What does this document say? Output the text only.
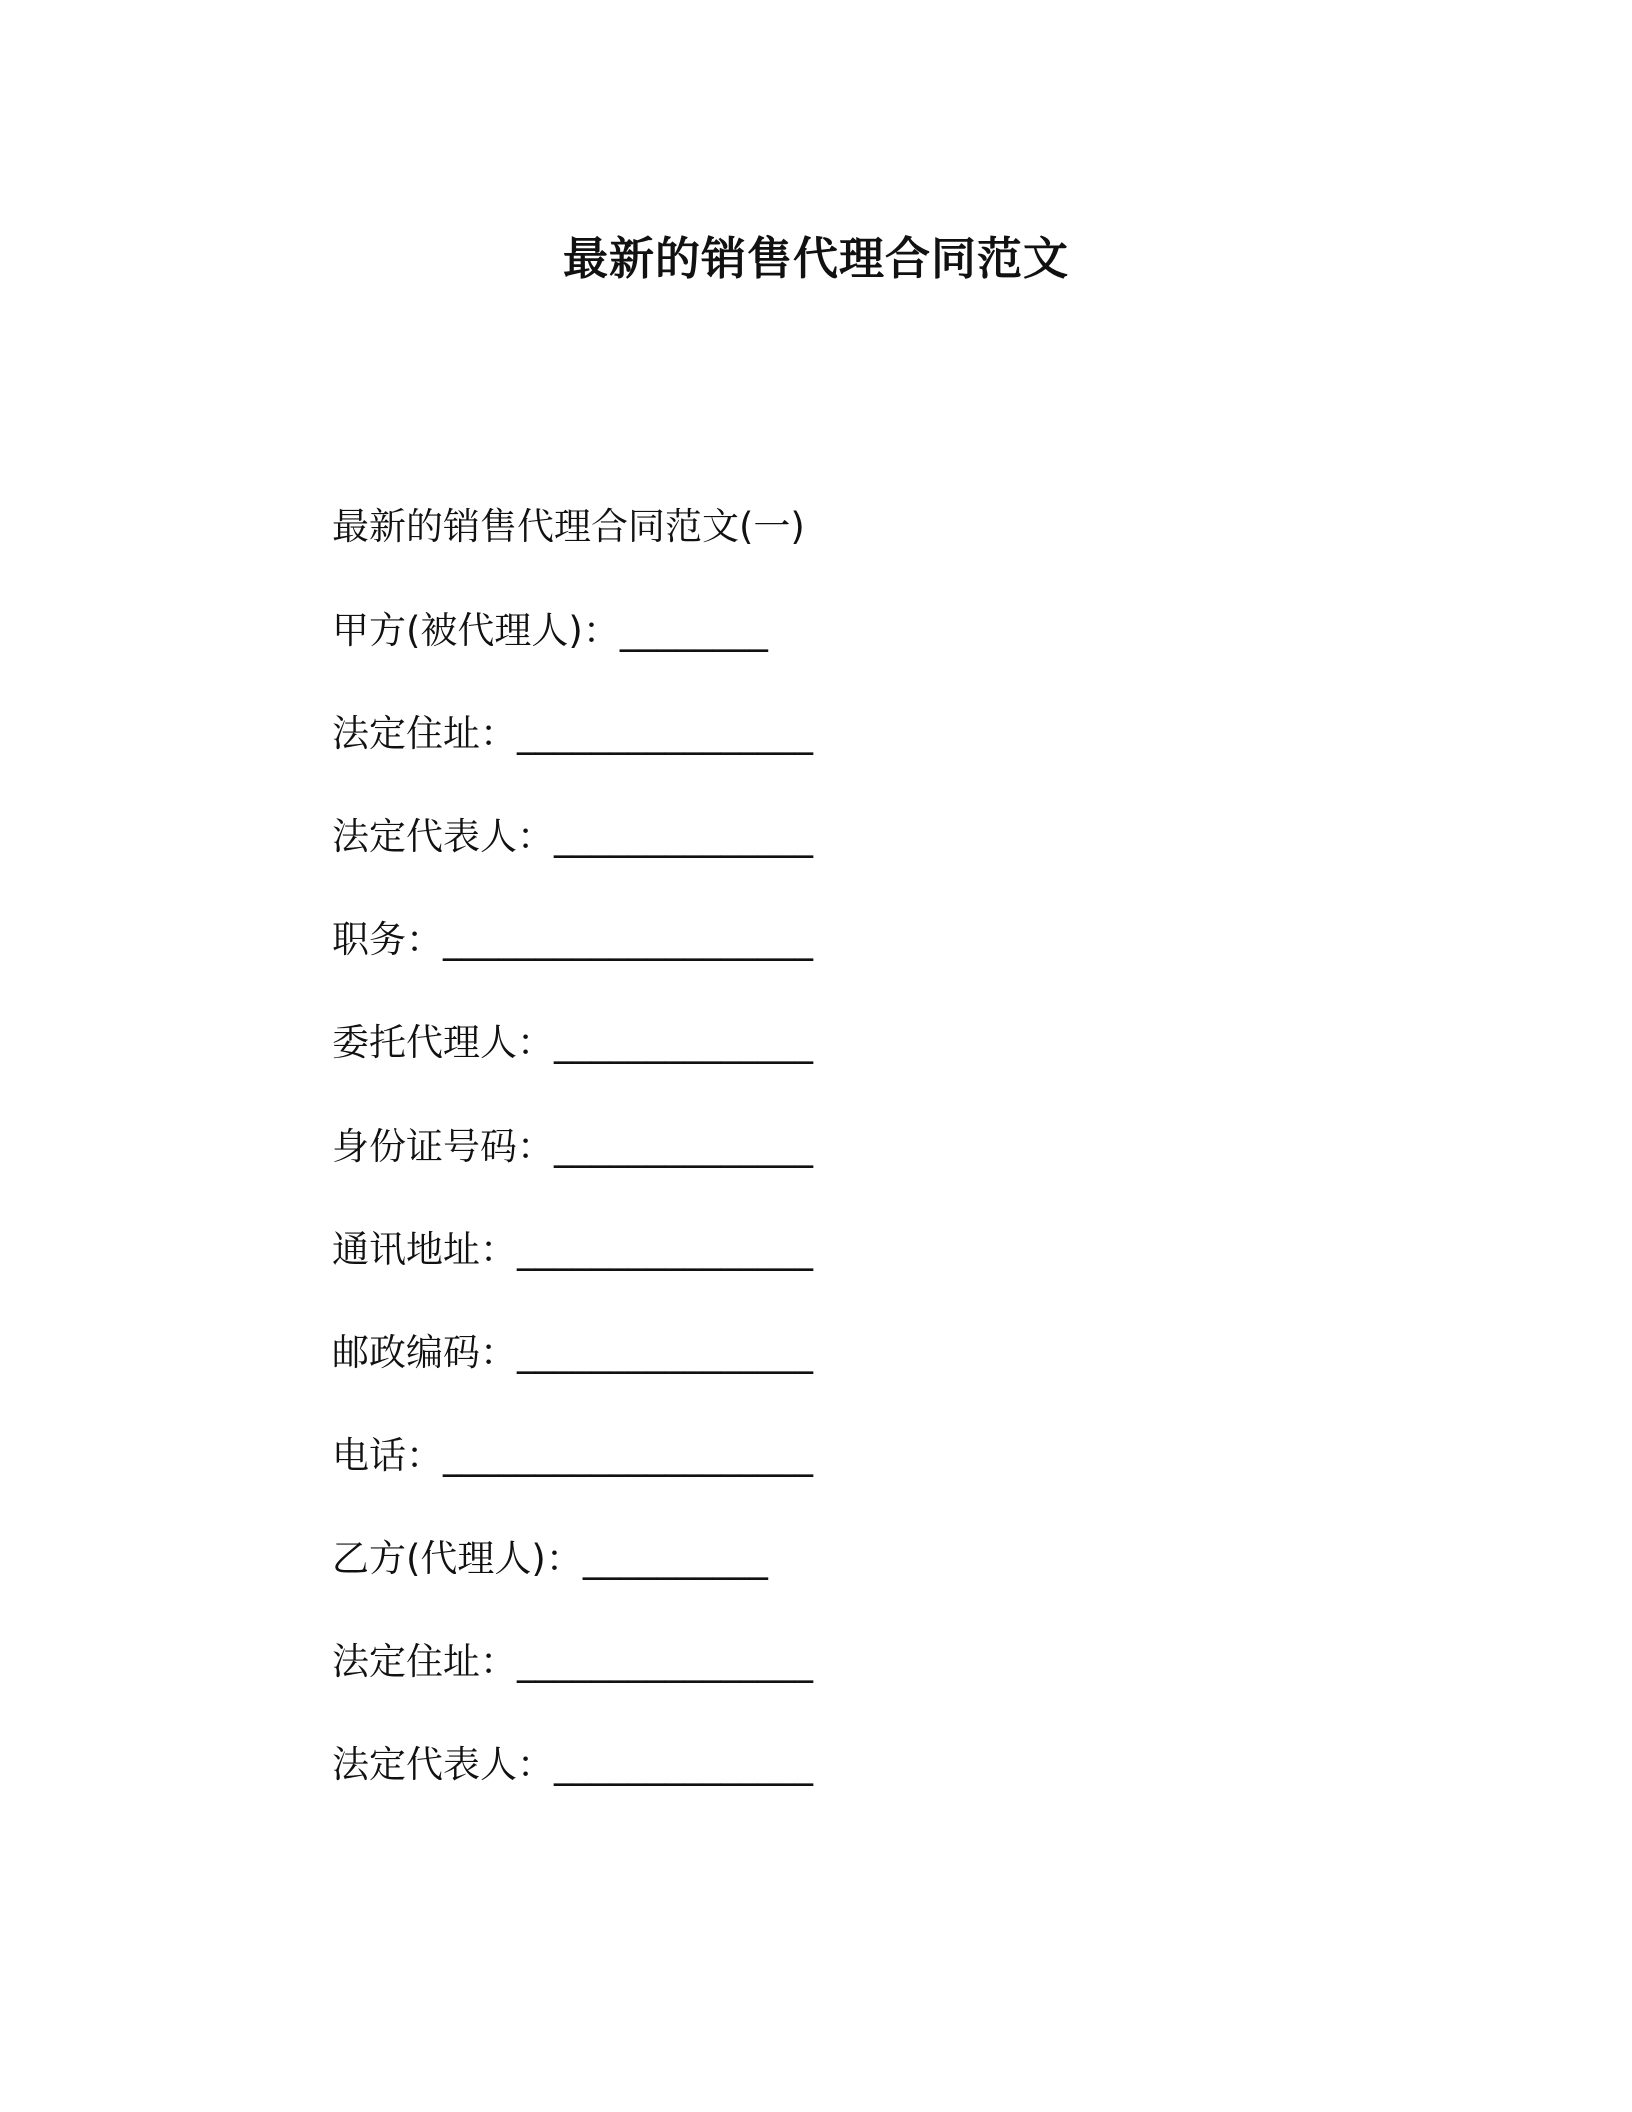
最新的销售代理合同范文
最新的销售代理合同范文(一)
甲方(被代理人)：________
法定住址：________________
法定代表人：______________
职务：____________________
委托代理人：______________
身份证号码：______________
通讯地址：________________
邮政编码：________________
电话：____________________
乙方(代理人)：__________
法定住址：________________
法定代表人：______________
